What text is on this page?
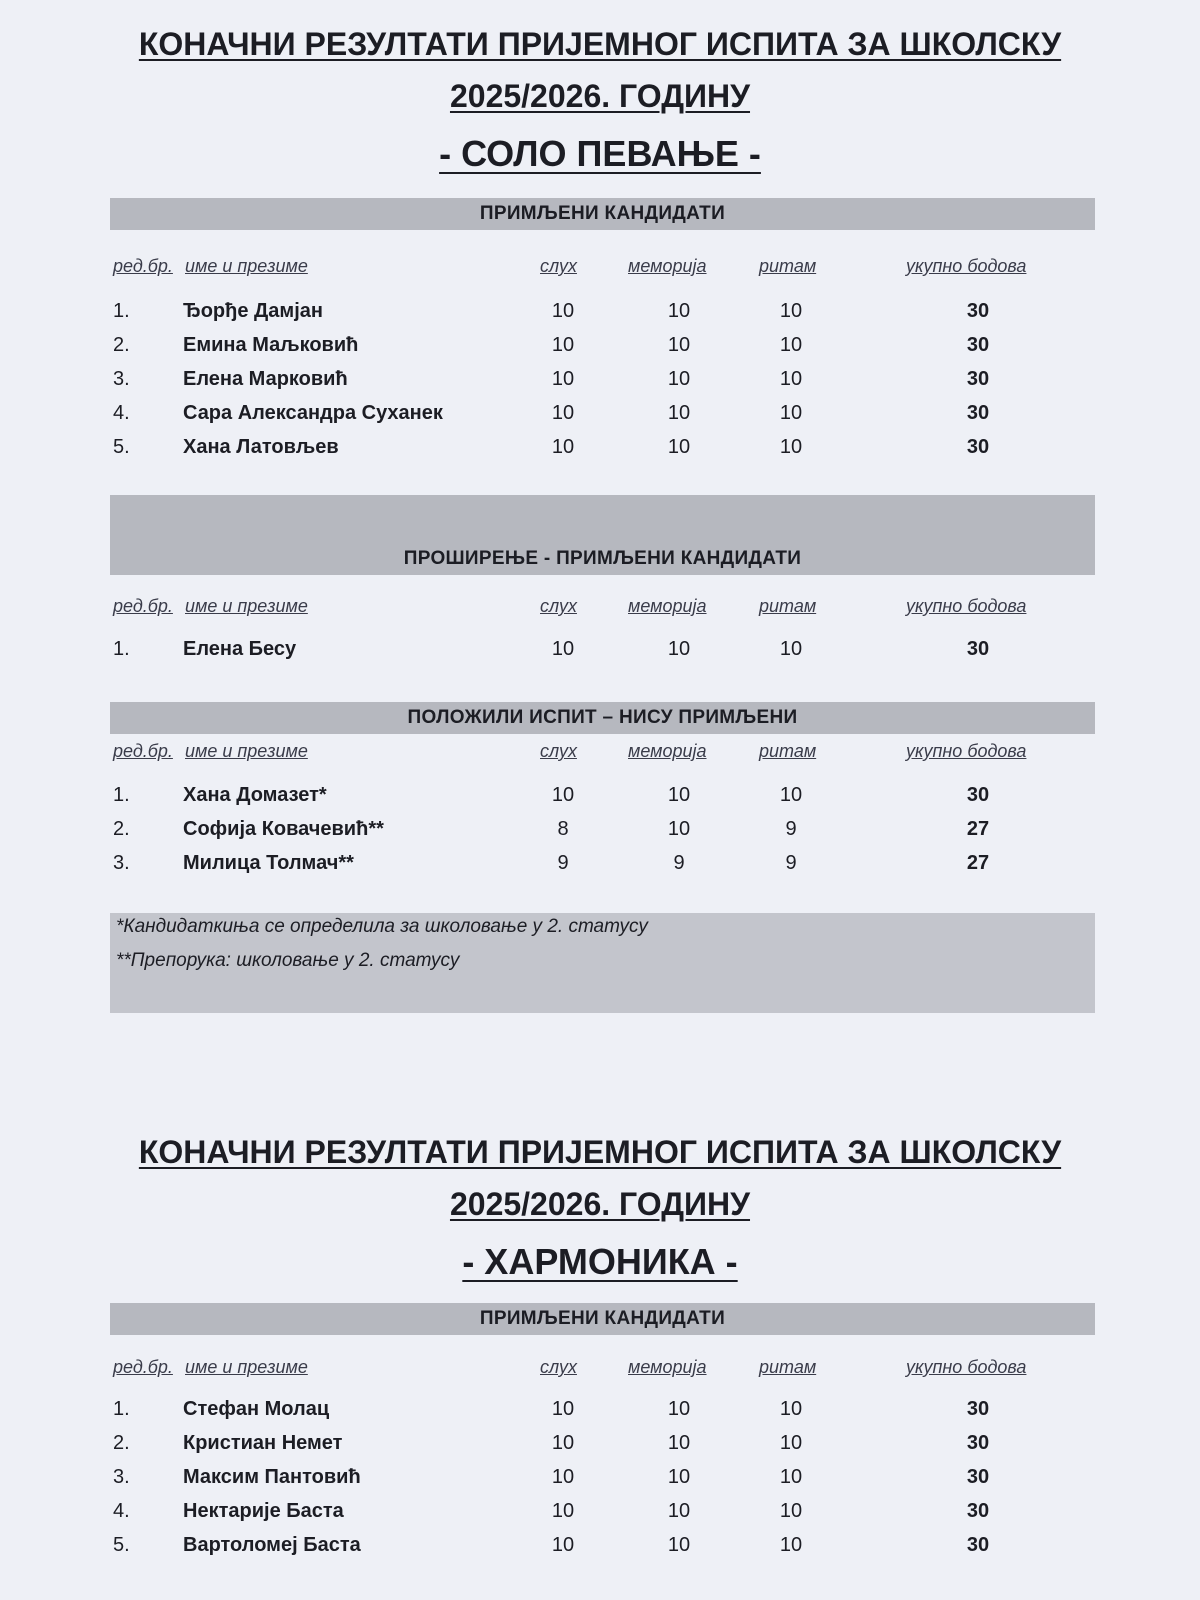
КОНАЧНИ РЕЗУЛТАТИ ПРИЈЕМНОГ ИСПИТА ЗА ШКОЛСКУ
2025/2026. ГОДИНУ
- СОЛО ПЕВАЊЕ -
ПРИМЉЕНИ КАНДИДАТИ
ред.бр. име и презиме	слух	меморија	ритам	укупно бодова
1.	Ђорђе Дамјан	10	10	10	30
2.	Емина Маљковић	10	10	10	30
3.	Елена Марковић	10	10	10	30
4.	Сара Александра Суханек	10	10	10	30
5.	Хана Латовљев	10	10	10	30
ПРОШИРЕЊЕ - ПРИМЉЕНИ КАНДИДАТИ
ред.бр. име и презиме	слух	меморија	ритам	укупно бодова
1.	Елена Бесу	10	10	10	30
ПОЛОЖИЛИ ИСПИТ – НИСУ ПРИМЉЕНИ
ред.бр. име и презиме	слух	меморија	ритам	укупно бодова
1.	Хана Домазет*	10	10	10	30
2.	Софија Ковачевић**	8	10	9	27
3.	Милица Толмач**	9	9	9	27
*Кандидаткиња се определила за школовање у 2. статусу
**Препорука: школовање у 2. статусу
КОНАЧНИ РЕЗУЛТАТИ ПРИЈЕМНОГ ИСПИТА ЗА ШКОЛСКУ
2025/2026. ГОДИНУ
- ХАРМОНИКА -
ПРИМЉЕНИ КАНДИДАТИ
ред.бр. име и презиме	слух	меморија	ритам	укупно бодова
1.	Стефан Молац	10	10	10	30
2.	Кристиан Немет	10	10	10	30
3.	Максим Пантовић	10	10	10	30
4.	Нектарије Баста	10	10	10	30
5.	Вартоломеј Баста	10	10	10	30
